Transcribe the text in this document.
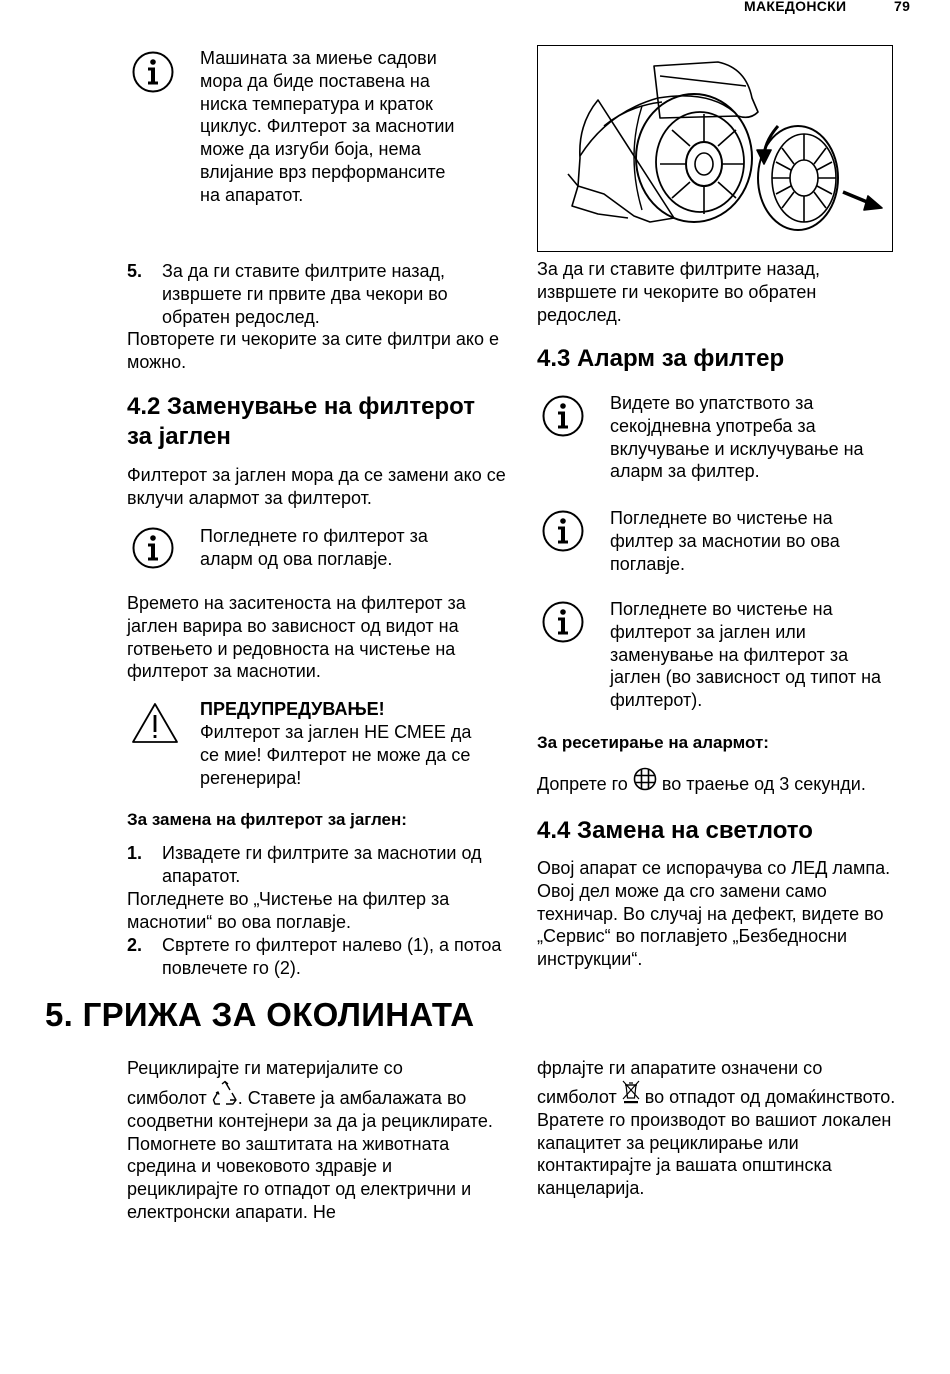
МАКЕДОНСКИ	79

Машината за миење садови мора да биде поставена на ниска температура и краток циклус. Филтерот за маснотии може да изгуби боја, нема влијание врз перформансите на апаратот.

5. За да ги ставите филтрите назад, извршете ги првите два чекори во обратен редослед.

Повторете ги чекорите за сите филтри ако е можно.

4.2 Заменување на филтерот за јаглен

Филтерот за јаглен мора да се замени ако се вклучи алармот за филтерот.

Погледнете го филтерот за аларм од ова поглавје.

Времето на заситеноста на филтерот за јаглен варира во зависност од видот на готвењето и редовноста на чистење на филтерот за маснотии.

ПРЕДУПРЕДУВАЊЕ!

Филтерот за јаглен НЕ СМЕЕ да се мие! Филтерот не може да се регенерира!

За замена на филтерот за јаглен:

1. Извадете ги филтрите за маснотии од апаратот.

Погледнете во „Чистење на филтер за маснотии“ во ова поглавје.

2. Свртете го филтерот налево (1), а потоа повлечете го (2).

За да ги ставите филтрите назад, извршете ги чекорите во обратен редослед.

4.3 Аларм за филтер

Видете во упатството за секојдневна употреба за вклучување и исклучување на аларм за филтер.

Погледнете во чистење на филтер за маснотии во ова поглавје.

Погледнете во чистење на филтерот за јаглен или заменување на филтерот за јаглен (во зависност од типот на филтерот).

За ресетирање на алармот:

Допрете го во траење од 3 секунди.
4.4 Замена на светлото

Овој апарат се испорачува со ЛЕД лампа. Овој дел може да сго замени само техничар. Во случај на дефект, видете во „Сервис“ во поглавјето „Безбедносни инструкции“.

5. ГРИЖА ЗА ОКОЛИНАТА

Рециклирајте ги материјалите со

симболот . Ставете ја амбалажата во соодветни контејнери за да ја рециклирате. Помогнете во заштитата на животната средина и човековото здравје и рециклирајте го отпадот од електрични и електронски апарати. Не

фрлајте ги апаратите означени со

симболот во отпадот од домаќинството. Вратете го производот во вашиот локален капацитет за рециклирање или контактирајте ја вашата општинска канцеларија.
